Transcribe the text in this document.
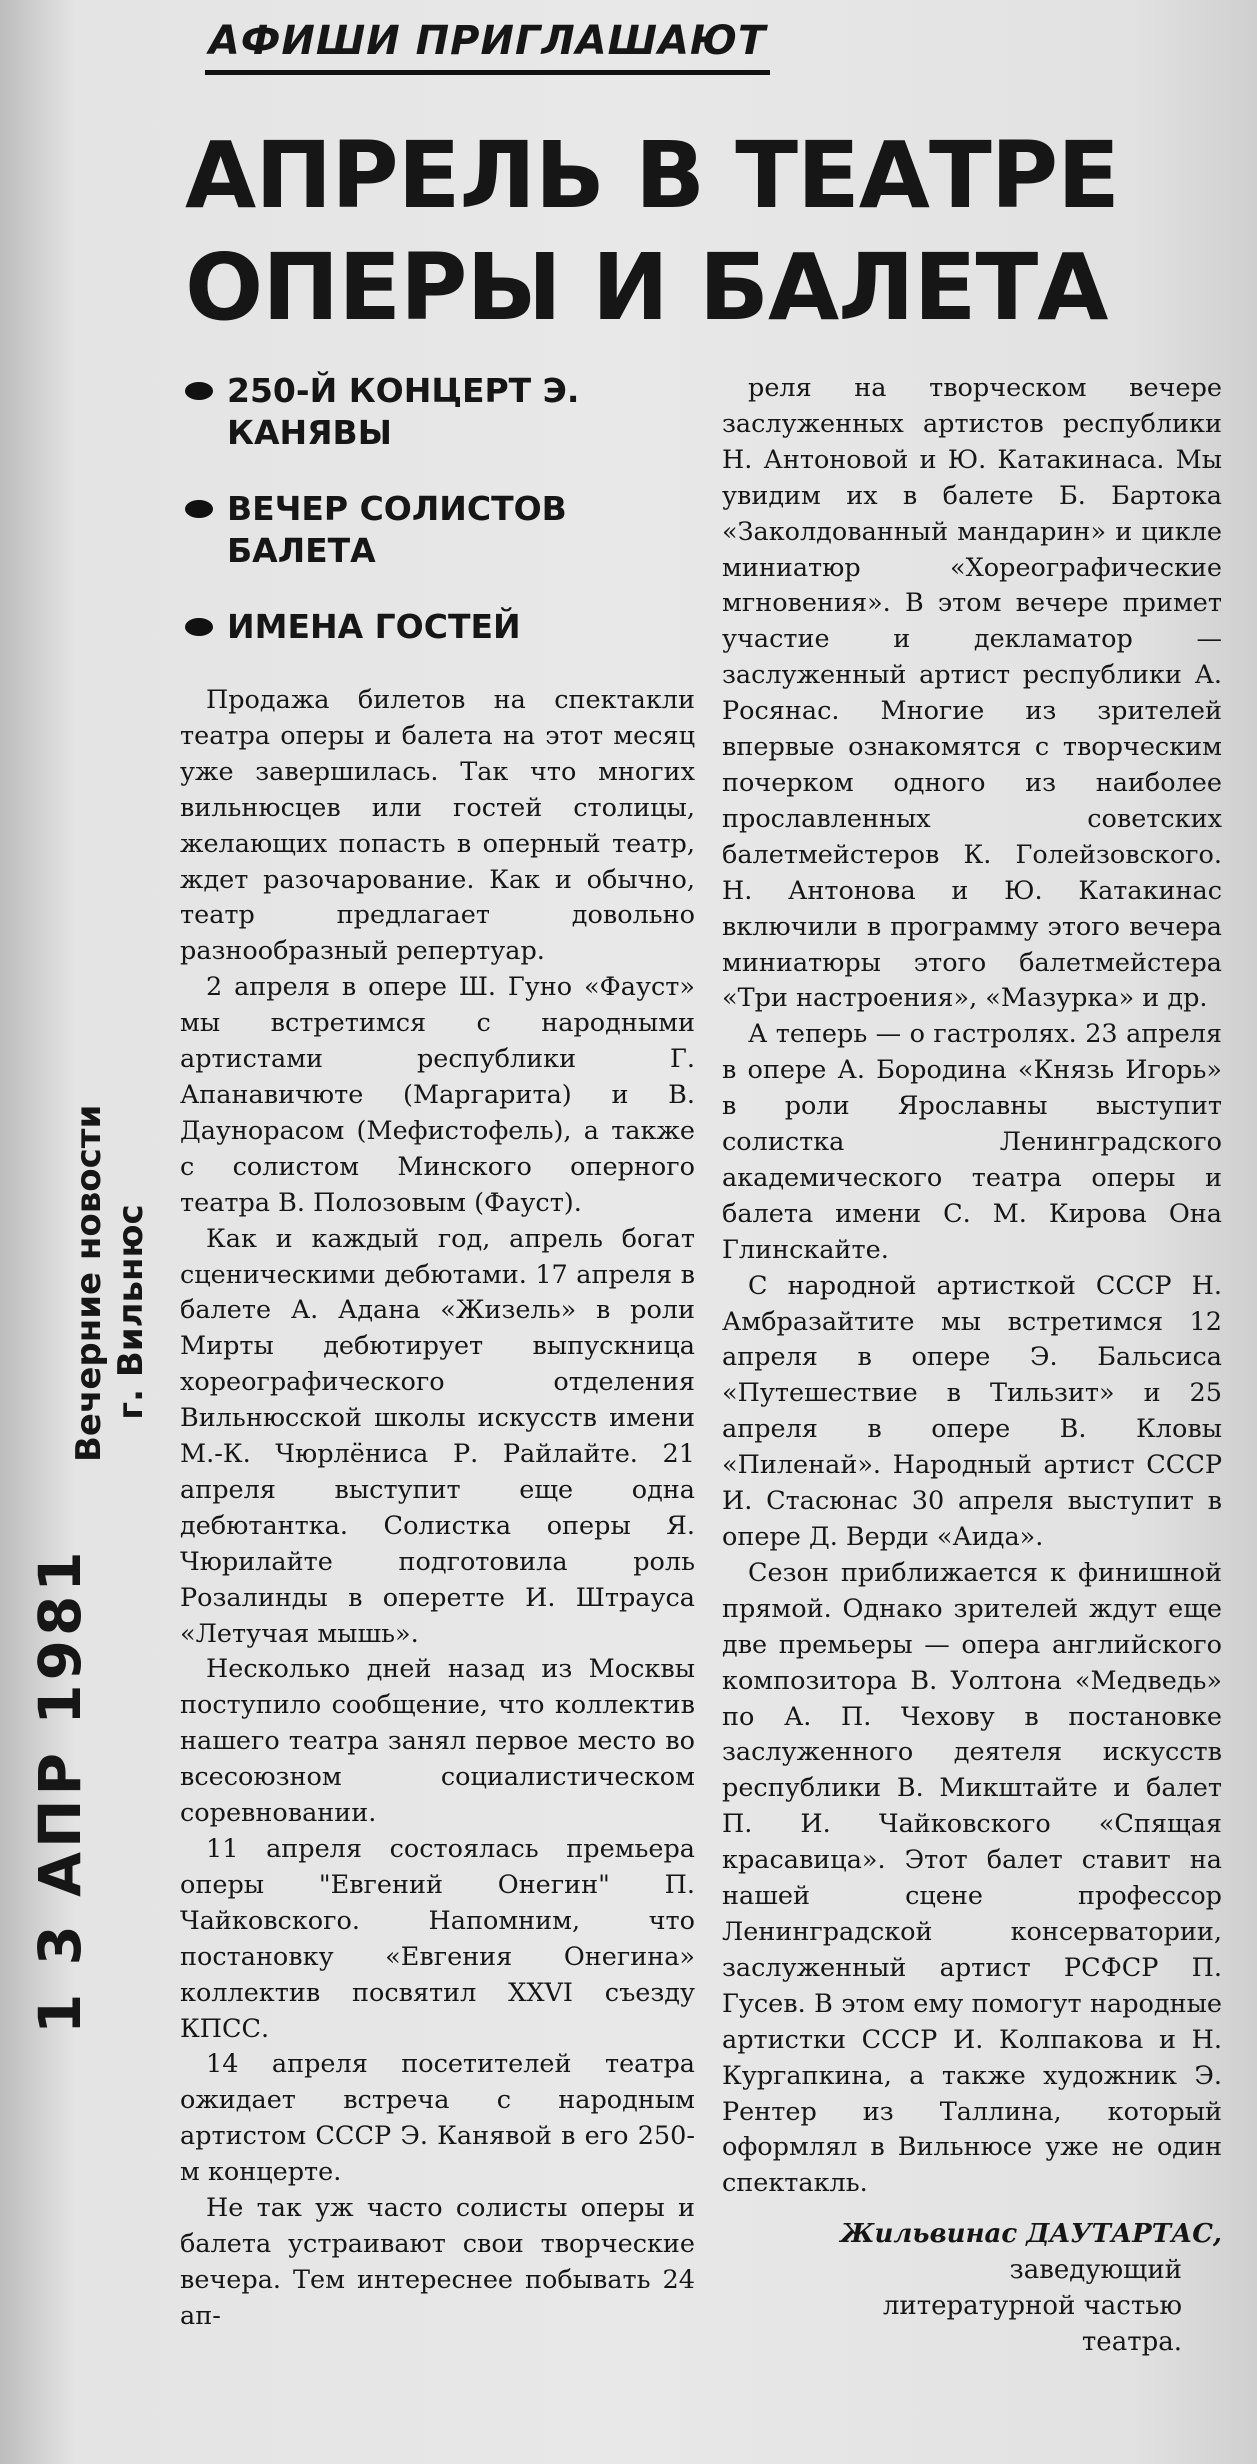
АФИШИ ПРИГЛАШАЮТ
АПРЕЛЬ В ТЕАТРЕ
ОПЕРЫ И БАЛЕТА
250-Й КОНЦЕРТ Э. КАНЯВЫ
ВЕЧЕР СОЛИСТОВ БАЛЕТА
ИМЕНА ГОСТЕЙ
Вечерние новости г. Вильнюс
1 3 АПР 1981

Продажа билетов на спектакли театра оперы и балета на этот месяц уже завершилась. Так что многих вильнюсцев или гостей столицы, желающих попасть в оперный театр, ждет разочарование. Как и обычно, театр предлагает довольно разнообразный репертуар.

2 апреля в опере Ш. Гуно «Фауст» мы встретимся с народными артистами республики Г. Апанавичюте (Маргарита) и В. Даунорасом (Мефистофель), а также с солистом Минского оперного театра В. Полозовым (Фауст).

Как и каждый год, апрель богат сценическими дебютами. 17 апреля в балете А. Адана «Жизель» в роли Мирты дебютирует выпускница хореографического отделения Вильнюсской школы искусств имени М.-К. Чюрлёниса Р. Райлайте. 21 апреля выступит еще одна дебютантка. Солистка оперы Я. Чюрилайте подготовила роль Розалинды в оперетте И. Штрауса «Летучая мышь».

Несколько дней назад из Москвы поступило сообщение, что коллектив нашего театра занял первое место во всесоюзном социалистическом соревновании.

11 апреля состоялась премьера оперы "Евгений Онегин" П. Чайковского. Напомним, что постановку «Евгения Онегина» коллектив посвятил XXVI съезду КПСС.

14 апреля посетителей театра ожидает встреча с народным артистом СССР Э. Канявой в его 250-м концерте.

Не так уж часто солисты оперы и балета устраивают свои творческие вечера. Тем интереснее побывать 24 ап-

реля на творческом вечере заслуженных артистов республики Н. Антоновой и Ю. Катакинаса. Мы увидим их в балете Б. Бартока «Заколдованный мандарин» и цикле миниатюр «Хореографические мгновения». В этом вечере примет участие и декламатор — заслуженный артист республики А. Росянас. Многие из зрителей впервые ознакомятся с творческим почерком одного из наиболее прославленных советских балетмейстеров К. Голейзовского. Н. Антонова и Ю. Катакинас включили в программу этого вечера миниатюры этого балетмейстера «Три настроения», «Мазурка» и др.

А теперь — о гастролях. 23 апреля в опере А. Бородина «Князь Игорь» в роли Ярославны выступит солистка Ленинградского академического театра оперы и балета имени С. М. Кирова Она Глинскайте.

С народной артисткой СССР Н. Амбразайтите мы встретимся 12 апреля в опере Э. Бальсиса «Путешествие в Тильзит» и 25 апреля в опере В. Кловы «Пиленай». Народный артист СССР И. Стасюнас 30 апреля выступит в опере Д. Верди «Аида».

Сезон приближается к финишной прямой. Однако зрителей ждут еще две премьеры — опера английского композитора В. Уолтона «Медведь» по А. П. Чехову в постановке заслуженного деятеля искусств республики В. Микштайте и балет П. И. Чайковского «Спящая красавица». Этот балет ставит на нашей сцене профессор Ленинградской консерватории, заслуженный артист РСФСР П. Гусев. В этом ему помогут народные артистки СССР И. Колпакова и Н. Кургапкина, а также художник Э. Рентер из Таллина, который оформлял в Вильнюсе уже не один спектакль.

Жильвинас ДАУТАРТАС,
заведующий
литературной частью
театра.
